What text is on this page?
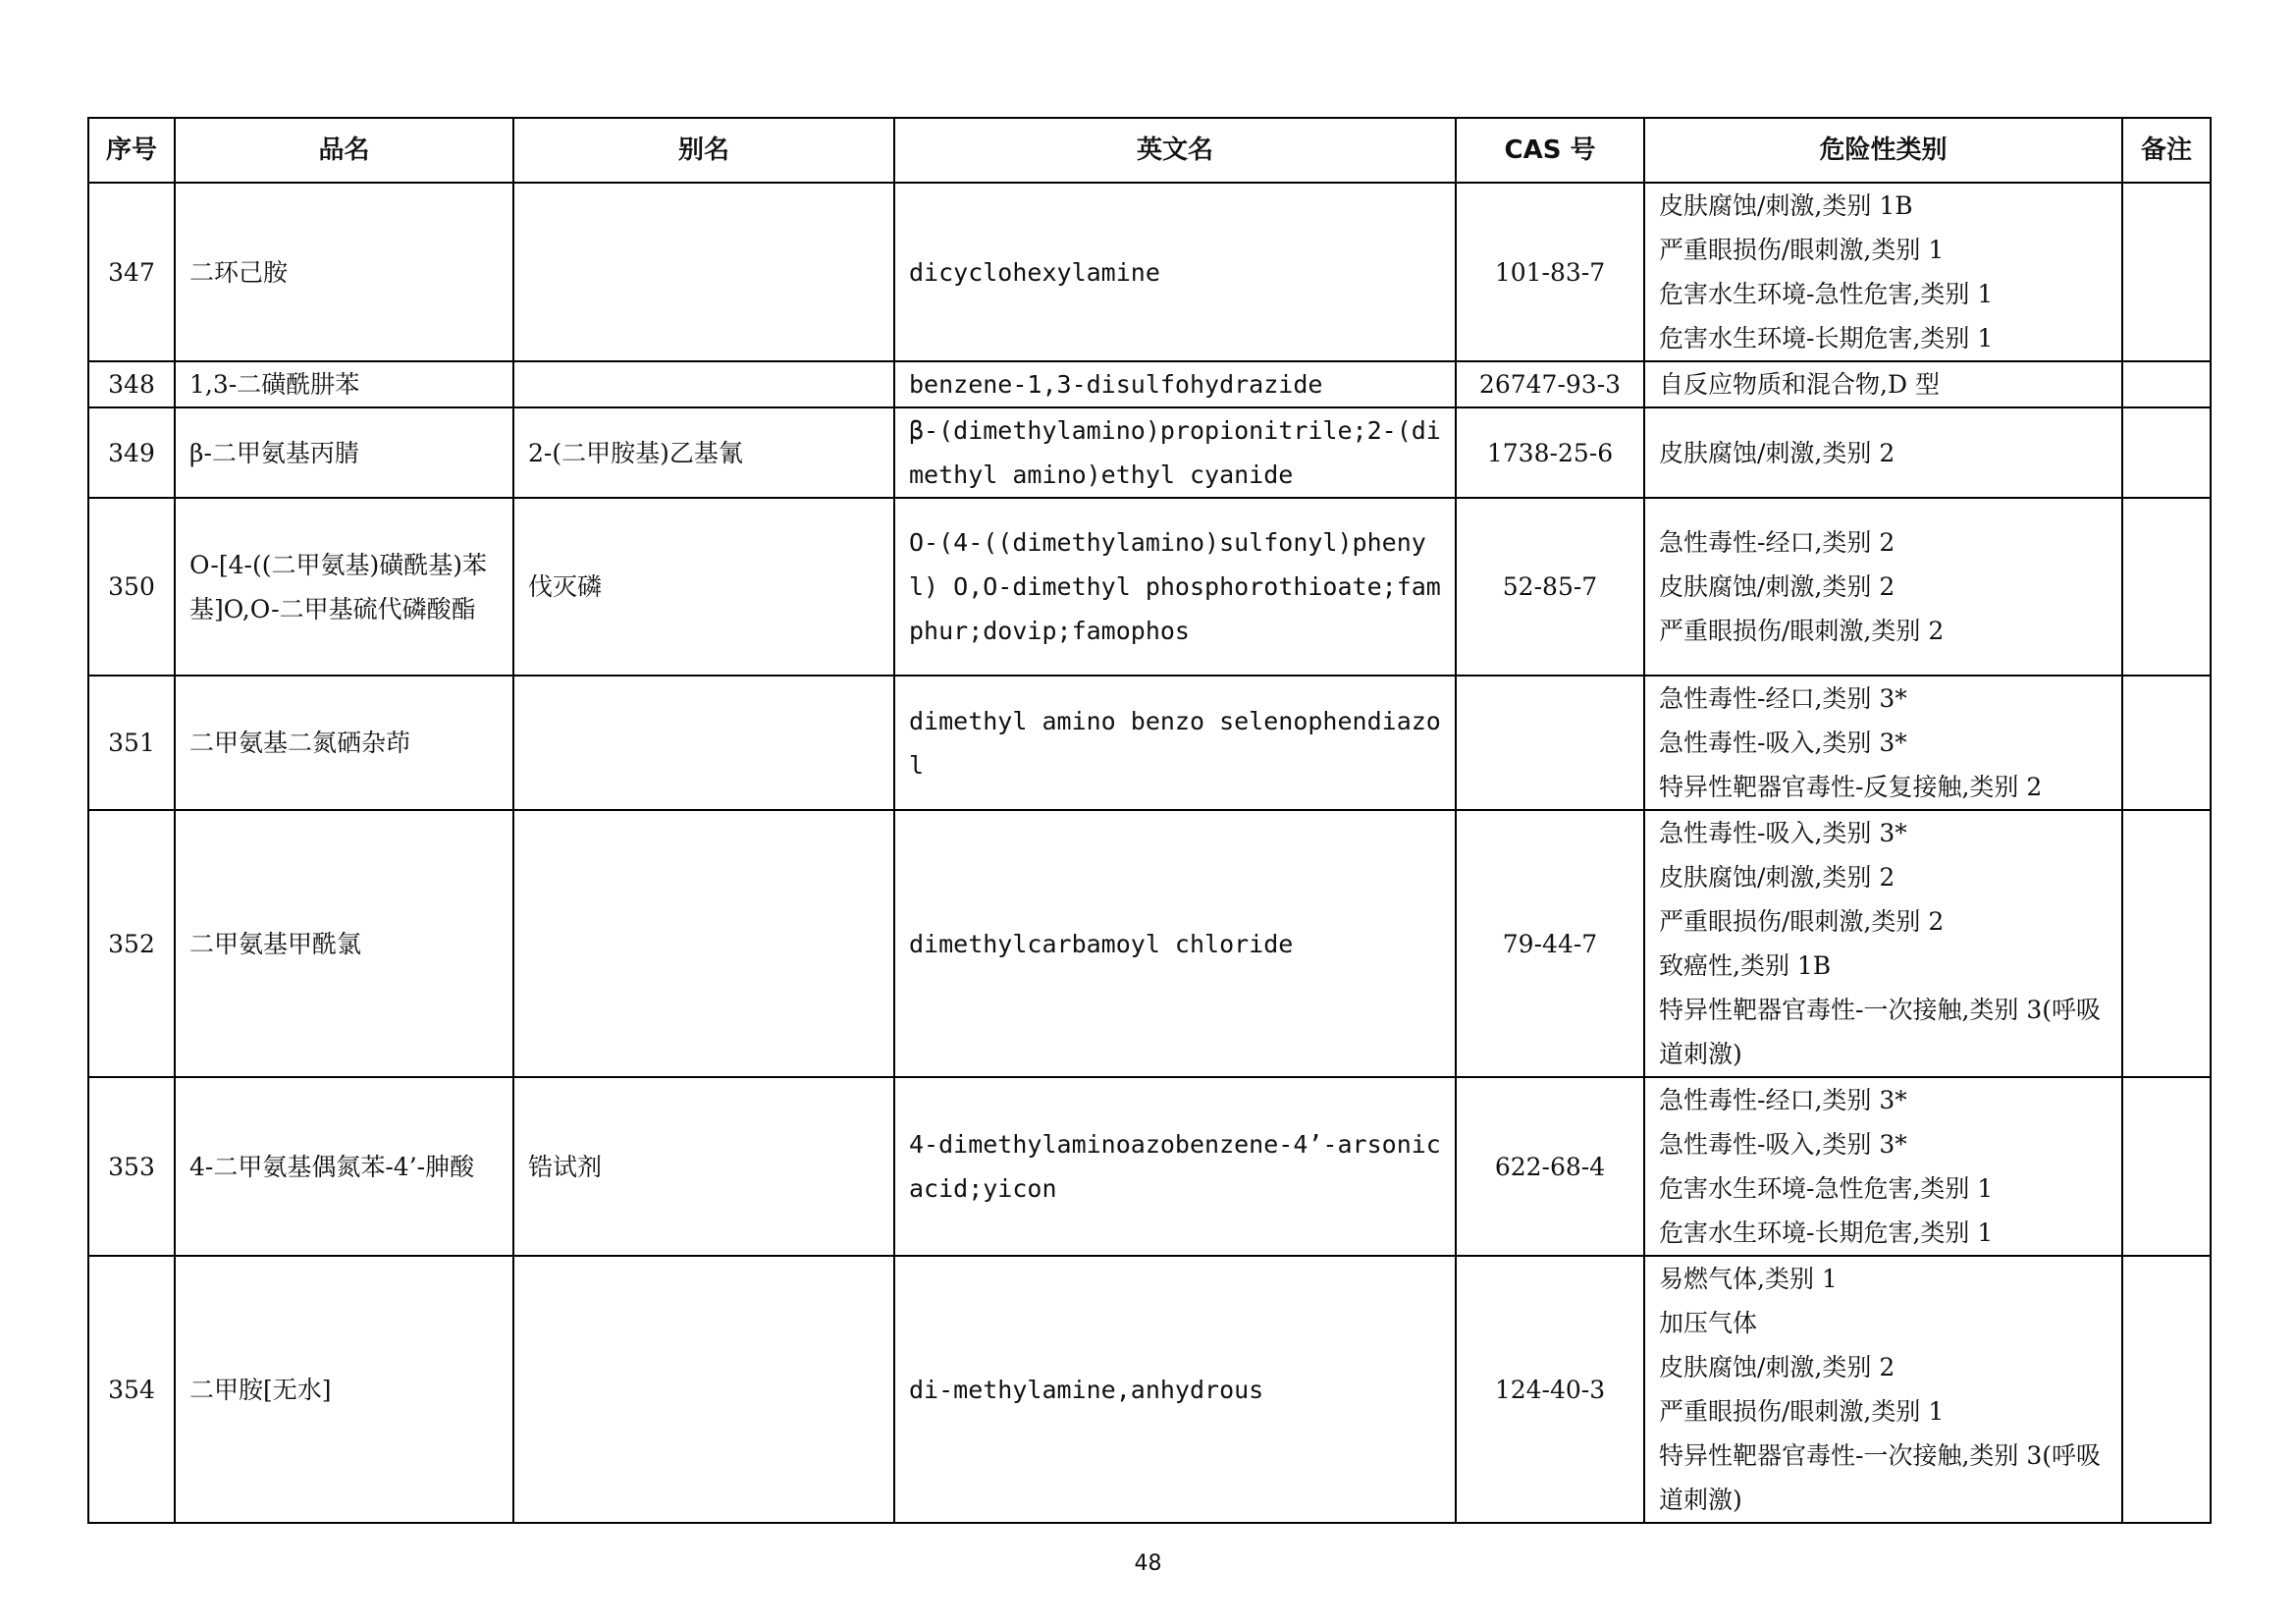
序号	品名	别名	英文名	CAS 号	危险性类别	备注
347	二环己胺		dicyclohexylamine	101-83-7	皮肤腐蚀/刺激,类别 1B
严重眼损伤/眼刺激,类别 1
危害水生环境-急性危害,类别 1
危害水生环境-长期危害,类别 1	

348	1,3-二磺酰肼苯		benzene-1,3-disulfohydrazide	26747-93-3	自反应物质和混合物,D 型	

349	β-二甲氨基丙腈	2-(二甲胺基)乙基氰	β-(dimethylamino)propionitrile;2-(dimethyl amino)ethyl cyanide	1738-25-6	皮肤腐蚀/刺激,类别 2	

350	O-[4-((二甲氨基)磺酰基)苯基]O,O-二甲基硫代磷酸酯	伐灭磷	O-(4-((dimethylamino)sulfonyl)phenyl) O,O-dimethyl phosphorothioate;famphur;dovip;famophos	52-85-7	急性毒性-经口,类别 2
皮肤腐蚀/刺激,类别 2
严重眼损伤/眼刺激,类别 2	

351	二甲氨基二氮硒杂茚		dimethyl amino benzo selenophendiazol		急性毒性-经口,类别 3*
急性毒性-吸入,类别 3*
特异性靶器官毒性-反复接触,类别 2	

352	二甲氨基甲酰氯		dimethylcarbamoyl chloride	79-44-7	急性毒性-吸入,类别 3*
皮肤腐蚀/刺激,类别 2
严重眼损伤/眼刺激,类别 2
致癌性,类别 1B
特异性靶器官毒性-一次接触,类别 3(呼吸道刺激)	

353	4-二甲氨基偶氮苯-4’-胂酸	锆试剂	4-dimethylaminoazobenzene-4’-arsonic acid;yicon	622-68-4	急性毒性-经口,类别 3*
急性毒性-吸入,类别 3*
危害水生环境-急性危害,类别 1
危害水生环境-长期危害,类别 1	

354	二甲胺[无水]		di-methylamine,anhydrous	124-40-3	易燃气体,类别 1
加压气体
皮肤腐蚀/刺激,类别 2
严重眼损伤/眼刺激,类别 1
特异性靶器官毒性-一次接触,类别 3(呼吸道刺激)	

48
